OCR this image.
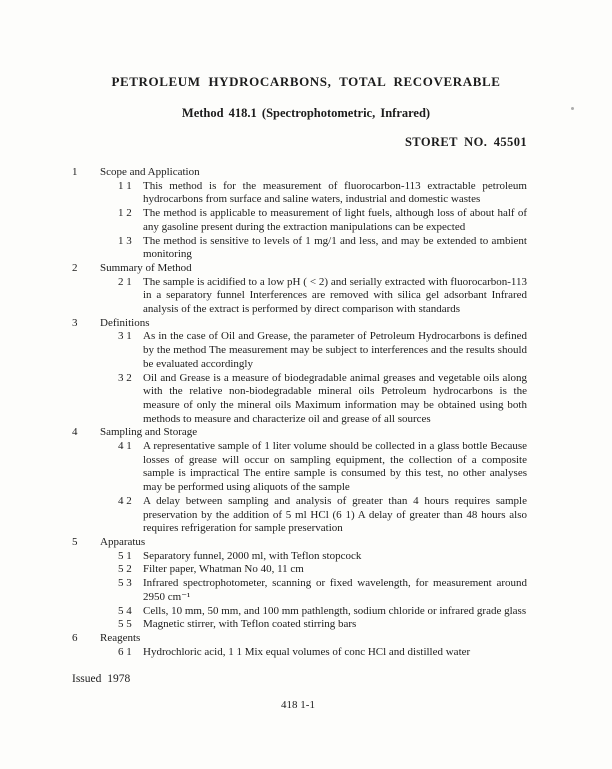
PETROLEUM HYDROCARBONS, TOTAL RECOVERABLE
Method 418.1 (Spectrophotometric, Infrared)
STORET NO. 45501
1	Scope and Application
1 1	This method is for the measurement of fluorocarbon-113 extractable petroleum hydrocarbons from surface and saline waters, industrial and domestic wastes
1 2	The method is applicable to measurement of light fuels, although loss of about half of any gasoline present during the extraction manipulations can be expected
1 3	The method is sensitive to levels of 1 mg/1 and less, and may be extended to ambient monitoring
2	Summary of Method
2 1	The sample is acidified to a low pH ( < 2) and serially extracted with fluorocarbon-113 in a separatory funnel Interferences are removed with silica gel adsorbant Infrared analysis of the extract is performed by direct comparison with standards
3	Definitions
3 1	As in the case of Oil and Grease, the parameter of Petroleum Hydrocarbons is defined by the method The measurement may be subject to interferences and the results should be evaluated accordingly
3 2	Oil and Grease is a measure of biodegradable animal greases and vegetable oils along with the relative non-biodegradable mineral oils Petroleum hydrocarbons is the measure of only the mineral oils Maximum information may be obtained using both methods to measure and characterize oil and grease of all sources
4	Sampling and Storage
4 1	A representative sample of 1 liter volume should be collected in a glass bottle Because losses of grease will occur on sampling equipment, the collection of a composite sample is impractical The entire sample is consumed by this test, no other analyses may be performed using aliquots of the sample
4 2	A delay between sampling and analysis of greater than 4 hours requires sample preservation by the addition of 5 ml HCl (6 1) A delay of greater than 48 hours also requires refrigeration for sample preservation
5	Apparatus
5 1	Separatory funnel, 2000 ml, with Teflon stopcock
5 2	Filter paper, Whatman No 40, 11 cm
5 3	Infrared spectrophotometer, scanning or fixed wavelength, for measurement around 2950 cm⁻¹
5 4	Cells, 10 mm, 50 mm, and 100 mm pathlength, sodium chloride or infrared grade glass
5 5	Magnetic stirrer, with Teflon coated stirring bars
6	Reagents
6 1	Hydrochloric acid, 1 1 Mix equal volumes of conc HCl and distilled water
Issued 1978
418 1-1
